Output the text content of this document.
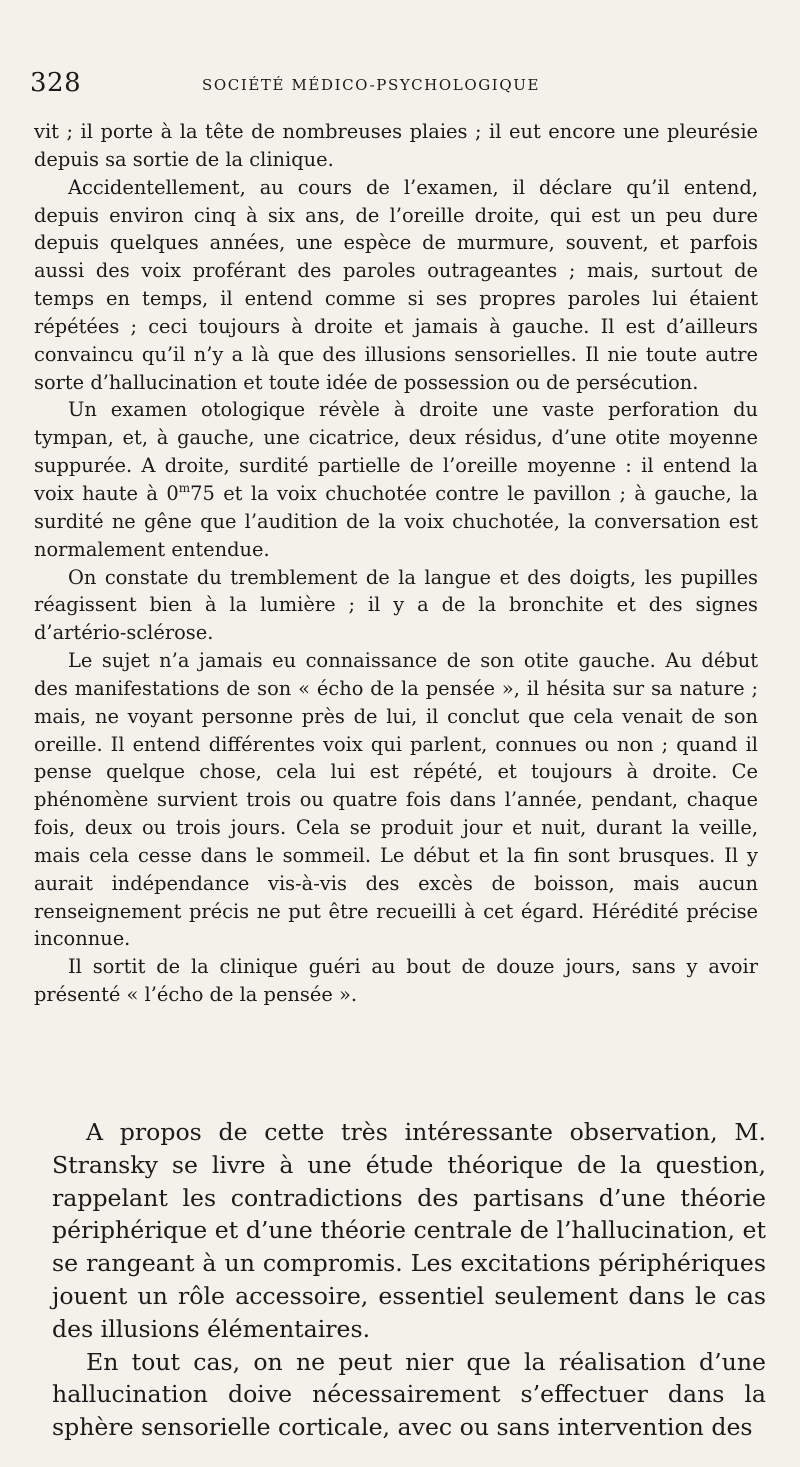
328	SOCIÉTÉ MÉDICO-PSYCHOLOGIQUE

vit ; il porte à la tête de nombreuses plaies ; il eut encore une pleurésie depuis sa sortie de la clinique.

Accidentellement, au cours de l’examen, il déclare qu’il entend, depuis environ cinq à six ans, de l’oreille droite, qui est un peu dure depuis quelques années, une espèce de murmure, souvent, et parfois aussi des voix proférant des paroles outrageantes ; mais, surtout de temps en temps, il entend comme si ses propres paroles lui étaient répétées ; ceci toujours à droite et jamais à gauche. Il est d’ailleurs convaincu qu’il n’y a là que des illusions sensorielles. Il nie toute autre sorte d’hallucination et toute idée de possession ou de persécution.

Un examen otologique révèle à droite une vaste perforation du tympan, et, à gauche, une cicatrice, deux résidus, d’une otite moyenne suppurée. A droite, surdité partielle de l’oreille moyenne : il entend la voix haute à 0$^m$75 et la voix chuchotée contre le pavillon ; à gauche, la surdité ne gêne que l’audition de la voix chuchotée, la conversation est normalement entendue.

On constate du tremblement de la langue et des doigts, les pupilles réagissent bien à la lumière ; il y a de la bronchite et des signes d’artério-sclérose.

Le sujet n’a jamais eu connaissance de son otite gauche. Au début des manifestations de son « écho de la pensée », il hésita sur sa nature ; mais, ne voyant personne près de lui, il conclut que cela venait de son oreille. Il entend différentes voix qui parlent, connues ou non ; quand il pense quelque chose, cela lui est répété, et toujours à droite. Ce phénomène survient trois ou quatre fois dans l’année, pendant, chaque fois, deux ou trois jours. Cela se produit jour et nuit, durant la veille, mais cela cesse dans le sommeil. Le début et la fin sont brusques. Il y aurait indépendance vis-à-vis des excès de boisson, mais aucun renseignement précis ne put être recueilli à cet égard. Hérédité précise inconnue.

Il sortit de la clinique guéri au bout de douze jours, sans y avoir présenté « l’écho de la pensée ».

A propos de cette très intéressante observation, M. Stransky se livre à une étude théorique de la question, rappelant les contradictions des partisans d’une théorie périphérique et d’une théorie centrale de l’hallucination, et se rangeant à un compromis. Les excitations périphériques jouent un rôle accessoire, essentiel seulement dans le cas des illusions élémentaires.

En tout cas, on ne peut nier que la réalisation d’une hallucination doive nécessairement s’effectuer dans la sphère sensorielle corticale, avec ou sans intervention des
